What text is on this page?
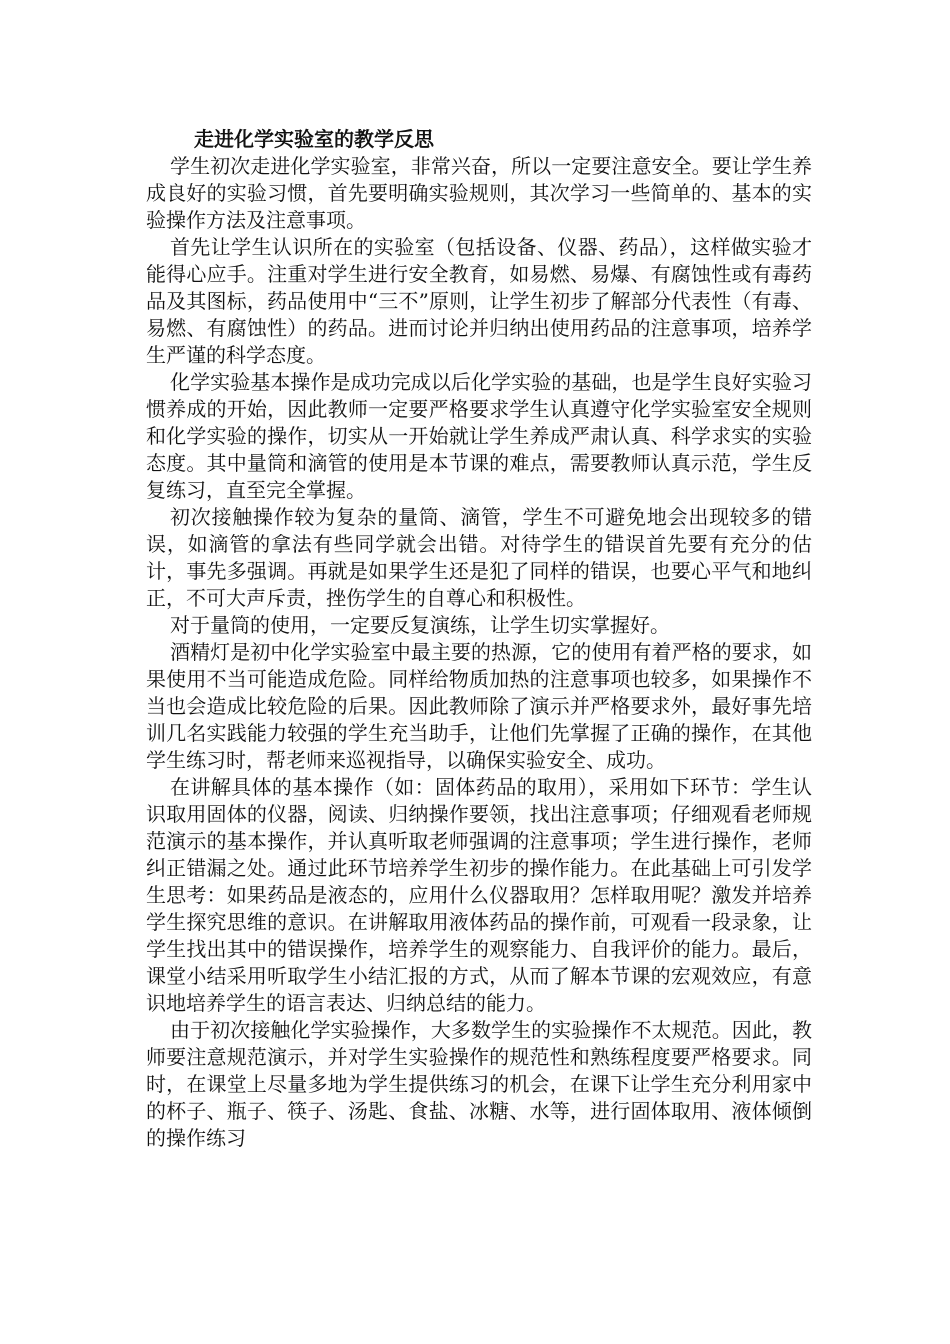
走进化学实验室的教学反思

学生初次走进化学实验室，非常兴奋，所以一定要注意安全。要让学生养成良好的实验习惯，首先要明确实验规则，其次学习一些简单的、基本的实验操作方法及注意事项。

首先让学生认识所在的实验室（包括设备、仪器、药品），这样做实验才能得心应手。注重对学生进行安全教育，如易燃、易爆、有腐蚀性或有毒药品及其图标，药品使用中“三不”原则，让学生初步了解部分代表性（有毒、易燃、有腐蚀性）的药品。进而讨论并归纳出使用药品的注意事项，培养学生严谨的科学态度。

化学实验基本操作是成功完成以后化学实验的基础，也是学生良好实验习惯养成的开始，因此教师一定要严格要求学生认真遵守化学实验室安全规则和化学实验的操作，切实从一开始就让学生养成严肃认真、科学求实的实验态度。其中量筒和滴管的使用是本节课的难点，需要教师认真示范，学生反复练习，直至完全掌握。

初次接触操作较为复杂的量筒、滴管，学生不可避免地会出现较多的错误，如滴管的拿法有些同学就会出错。对待学生的错误首先要有充分的估计，事先多强调。再就是如果学生还是犯了同样的错误，也要心平气和地纠正，不可大声斥责，挫伤学生的自尊心和积极性。

对于量筒的使用，一定要反复演练，让学生切实掌握好。

酒精灯是初中化学实验室中最主要的热源，它的使用有着严格的要求，如果使用不当可能造成危险。同样给物质加热的注意事项也较多，如果操作不当也会造成比较危险的后果。因此教师除了演示并严格要求外，最好事先培训几名实践能力较强的学生充当助手，让他们先掌握了正确的操作，在其他学生练习时，帮老师来巡视指导，以确保实验安全、成功。

在讲解具体的基本操作（如：固体药品的取用），采用如下环节：学生认识取用固体的仪器，阅读、归纳操作要领，找出注意事项；仔细观看老师规范演示的基本操作，并认真听取老师强调的注意事项；学生进行操作，老师纠正错漏之处。通过此环节培养学生初步的操作能力。在此基础上可引发学生思考：如果药品是液态的，应用什么仪器取用？怎样取用呢？激发并培养学生探究思维的意识。在讲解取用液体药品的操作前，可观看一段录象，让学生找出其中的错误操作，培养学生的观察能力、自我评价的能力。最后，课堂小结采用听取学生小结汇报的方式，从而了解本节课的宏观效应，有意识地培养学生的语言表达、归纳总结的能力。

由于初次接触化学实验操作，大多数学生的实验操作不太规范。因此，教师要注意规范演示，并对学生实验操作的规范性和熟练程度要严格要求。同时，在课堂上尽量多地为学生提供练习的机会，在课下让学生充分利用家中的杯子、瓶子、筷子、汤匙、食盐、冰糖、水等，进行固体取用、液体倾倒的操作练习
